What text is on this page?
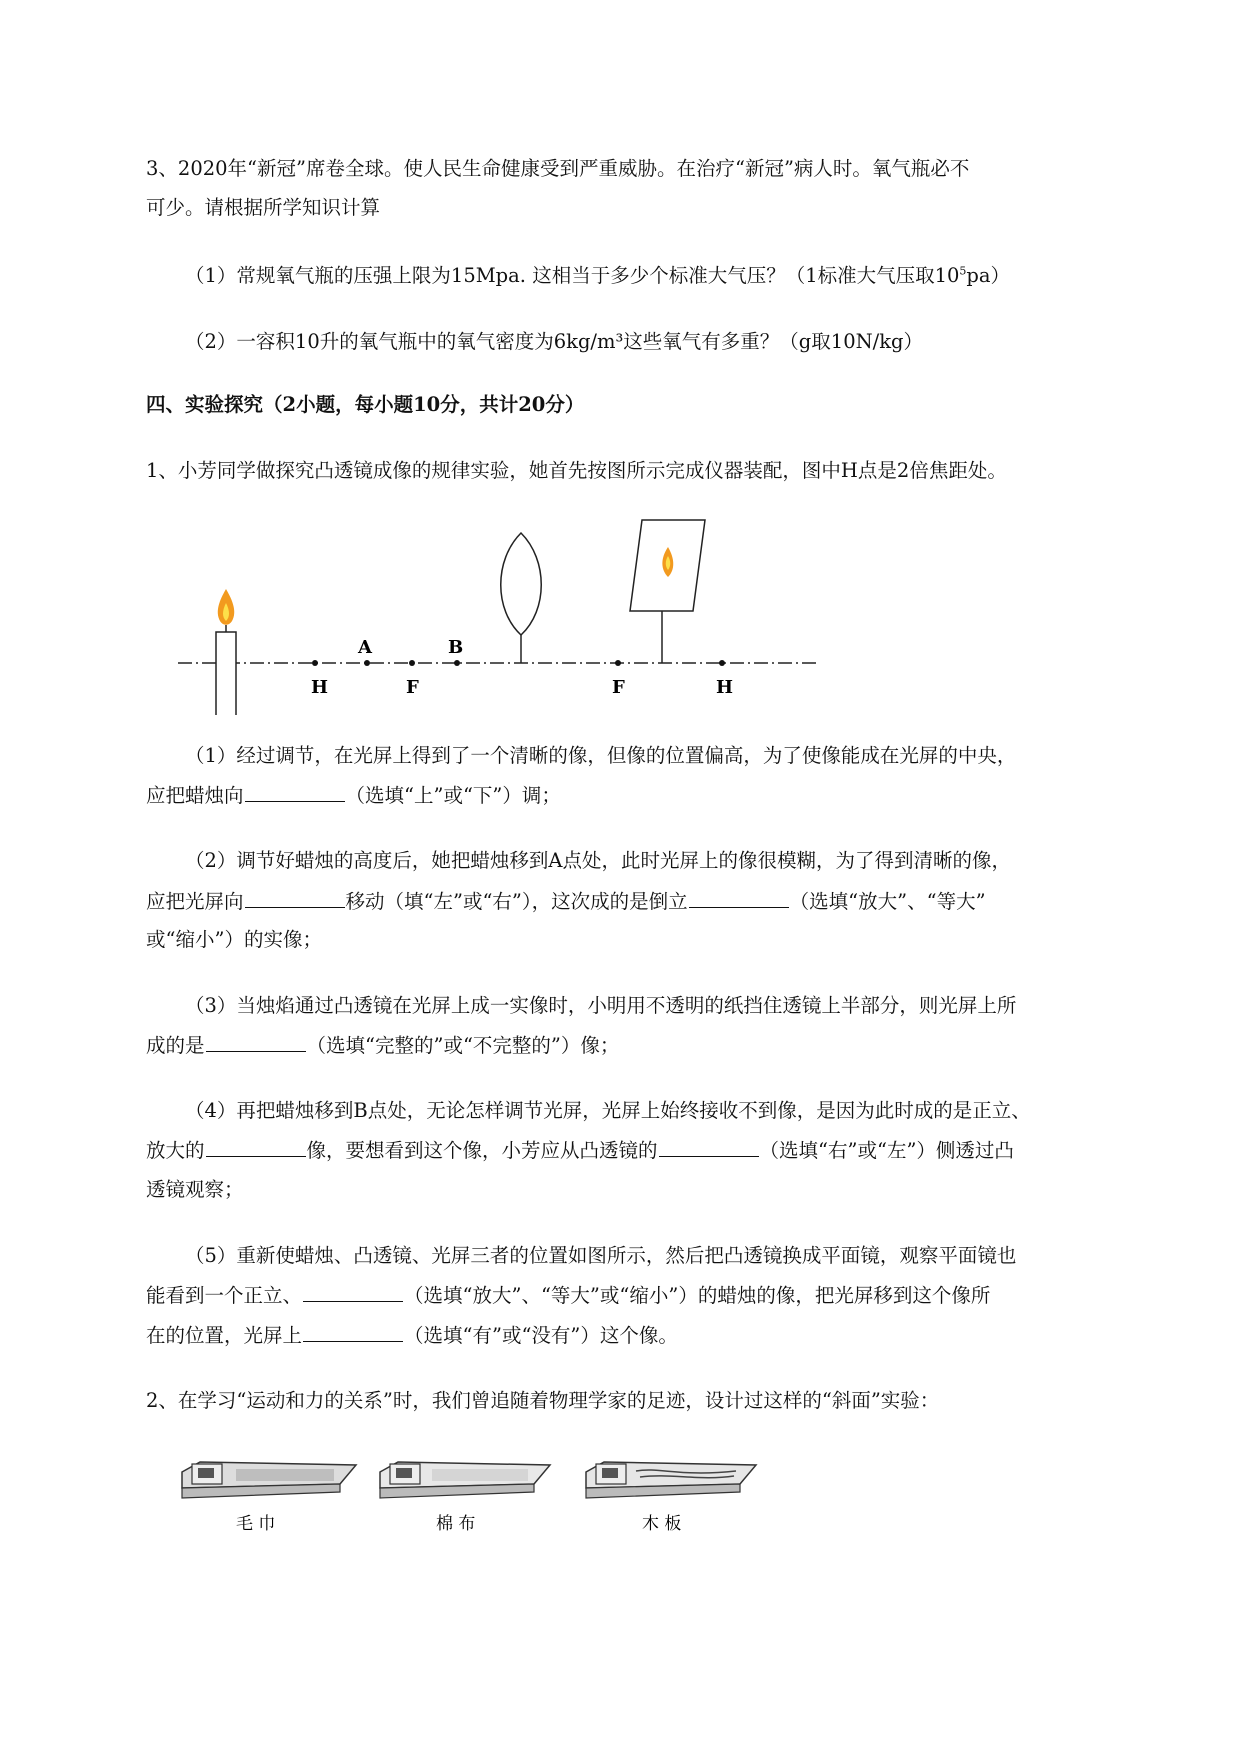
3、2020年“新冠”席卷全球。使人民生命健康受到严重威胁。在治疗“新冠”病人时。氧气瓶必不
可少。请根据所学知识计算
（1）常规氧气瓶的压强上限为15Mpa. 这相当于多少个标准大气压？（1标准大气压取$10^5pa$）
（2）一容积10升的氧气瓶中的氧气密度为6kg/m³这些氧气有多重？（g取10N/kg）
四、实验探究（2小题，每小题10分，共计20分）
1、小芳同学做探究凸透镜成像的规律实验，她首先按图所示完成仪器装配，图中H点是2倍焦距处。
H
A
F
B
F	H
（1）经过调节，在光屏上得到了一个清晰的像，但像的位置偏高，为了使像能成在光屏的中央，
应把蜡烛向	（选填“上”或“下”）调；
（2）调节好蜡烛的高度后，她把蜡烛移到A点处，此时光屏上的像很模糊，为了得到清晰的像，
应把光屏向	移动（填“左”或“右”），这次成的是倒立	（选填“放大”、“等大”
或“缩小”）的实像；
（3）当烛焰通过凸透镜在光屏上成一实像时，小明用不透明的纸挡住透镜上半部分，则光屏上所
成的是	（选填“完整的”或“不完整的”）像；
（4）再把蜡烛移到B点处，无论怎样调节光屏，光屏上始终接收不到像，是因为此时成的是正立、
放大的	像，要想看到这个像，小芳应从凸透镜的	（选填“右”或“左”）侧透过凸
透镜观察；
（5）重新使蜡烛、凸透镜、光屏三者的位置如图所示，然后把凸透镜换成平面镜，观察平面镜也
能看到一个正立、	（选填“放大”、“等大”或“缩小”）的蜡烛的像，把光屏移到这个像所
在的位置，光屏上	（选填“有”或“没有”）这个像。
2、在学习“运动和力的关系”时，我们曾追随着物理学家的足迹，设计过这样的“斜面”实验：
毛 巾	棉 布	木 板
